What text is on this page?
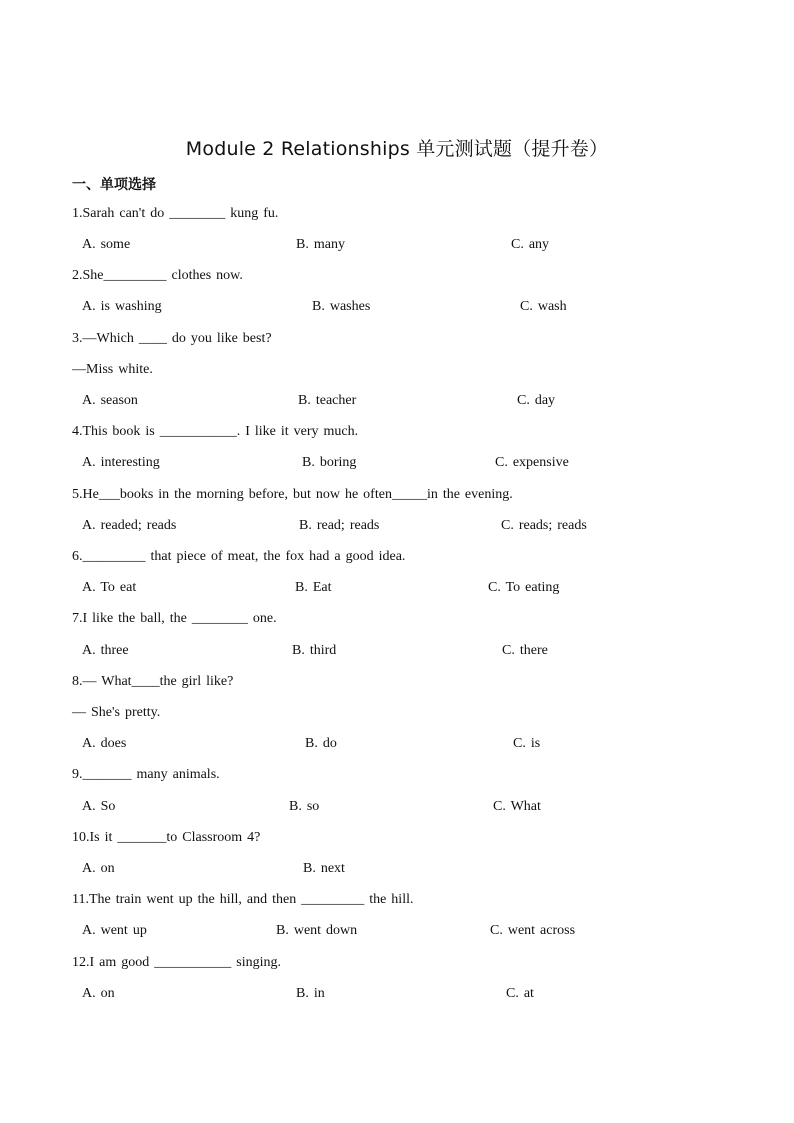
Module 2 Relationships 单元测试题（提升卷）
一、单项选择
1.Sarah can't do ________ kung fu.
A. some	B. many	C. any
2.She_________ clothes now.
A. is washing	B. washes	C. wash
3.—Which ____ do you like best?
—Miss white.
A. season	B. teacher	C. day
4.This book is ___________. I like it very much.
A. interesting	B. boring	C. expensive
5.He___books in the morning before, but now he often_____in the evening.
A. readed; reads	B. read; reads	C. reads; reads
6._________ that piece of meat, the fox had a good idea.
A. To eat	B. Eat	C. To eating
7.I like the ball, the ________ one.
A. three	B. third	C. there
8.— What____the girl like?
— She's pretty.
A. does	B. do	C. is
9._______ many animals.
A. So	B. so	C. What
10.Is it _______to Classroom 4?
A. on	B. next
11.The train went up the hill, and then _________ the hill.
A. went up	B. went down	C. went across
12.I am good ___________ singing.
A. on	B. in	C. at
